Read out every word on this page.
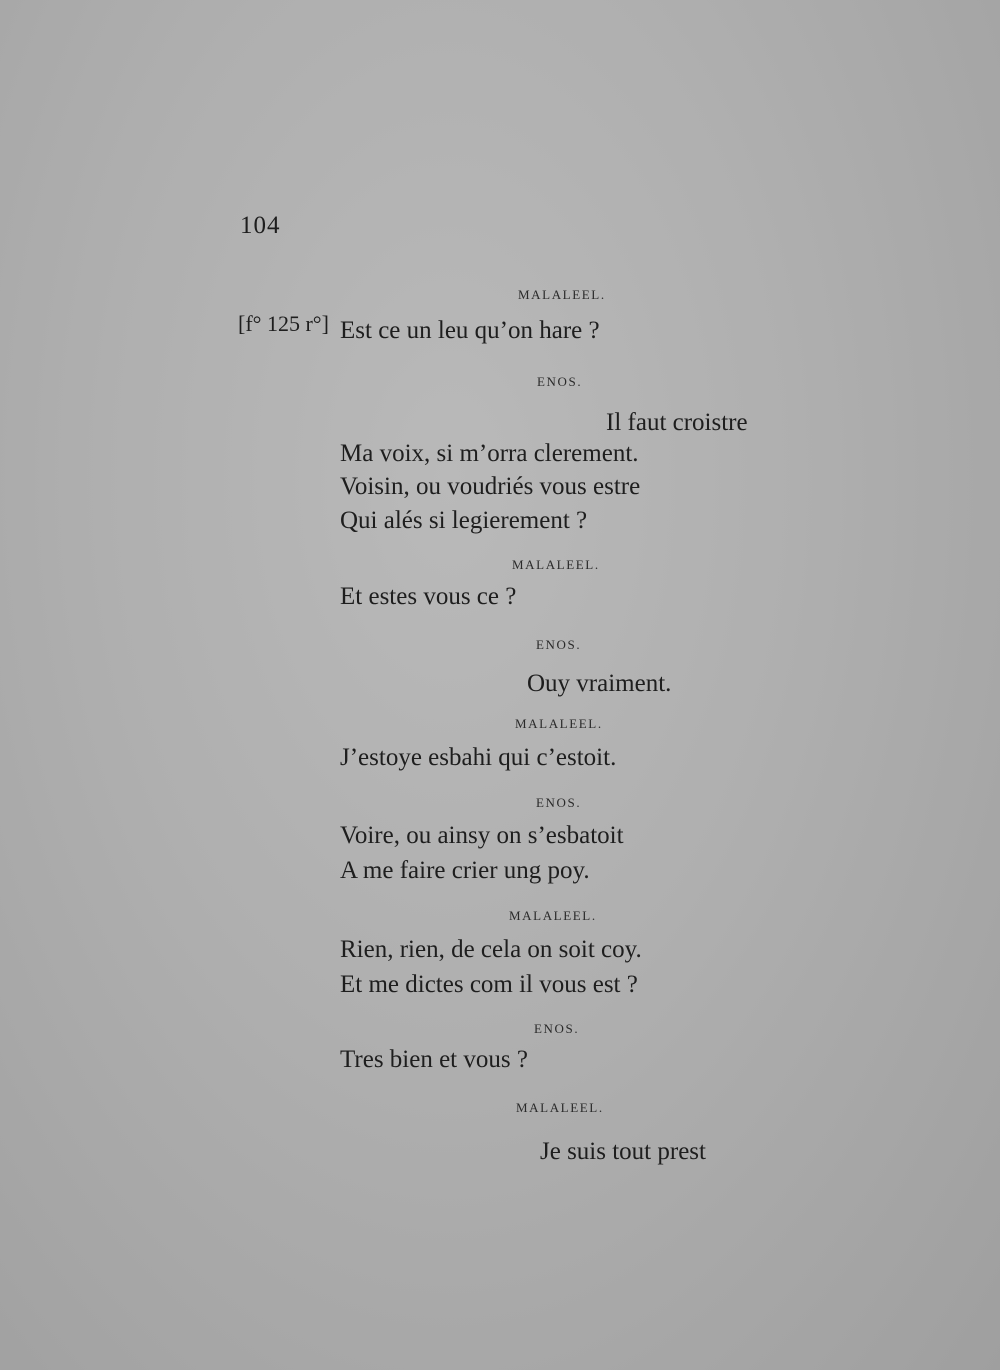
104
MALALEEL.
[f° 125 r°] Est ce un leu qu’on hare ?
ENOS.
Il faut croistre
Ma voix, si m’orra clerement.
Voisin, ou voudriés vous estre
Qui alés si legierement ?
MALALEEL.
Et estes vous ce ?
ENOS.
Ouy vraiment.
MALALEEL.
J’estoye esbahi qui c’estoit.
ENOS.
Voire, ou ainsy on s’esbatoit
A me faire crier ung poy.
MALALEEL.
Rien, rien, de cela on soit coy.
Et me dictes com il vous est ?
ENOS.
Tres bien et vous ?
MALALEEL.
Je suis tout prest
